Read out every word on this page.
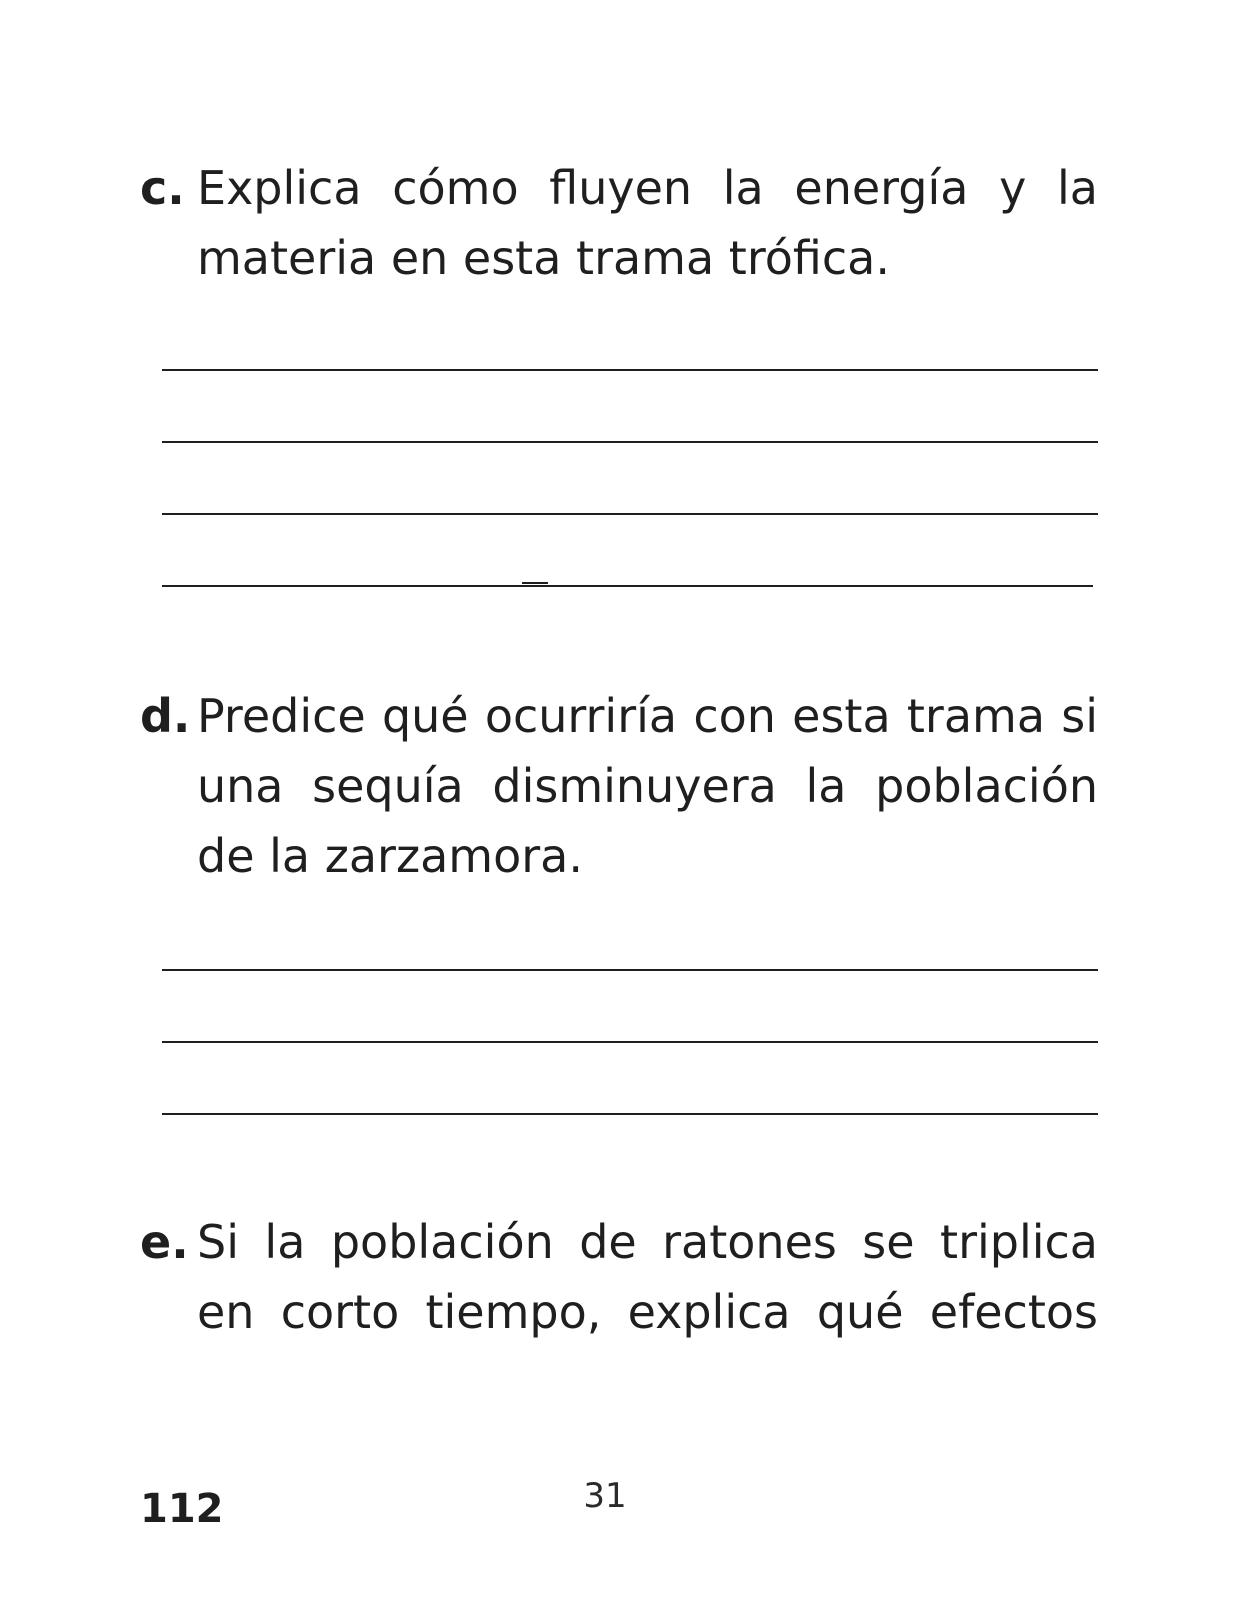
c. Explica cómo fluyen la energía y la materia en esta trama trófica.
d. Predice qué ocurriría con esta trama si una sequía disminuyera la población de la zarzamora.
e. Si la población de ratones se triplica en corto tiempo, explica qué efectos
112	31
